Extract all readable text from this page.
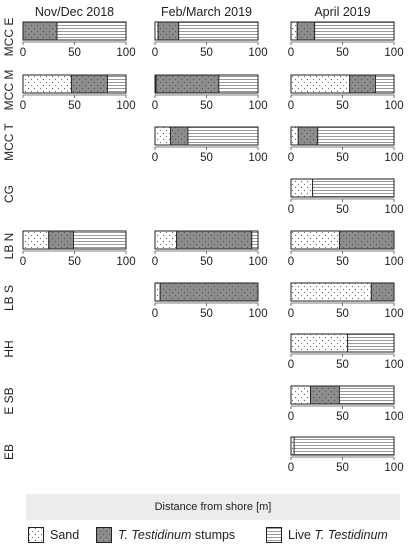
Nov/Dec 2018	Feb/March 2019	April 2019
MCC E
MCC M
MCC T
CG
LB N
LB S
HH
E SB
EB
0	50	100 0	50	100 0	50	100
0	50	100 0	50	100 0	50	100
0	50	100 0	50	100
0	50	100
0	50	100 0	50	100 0	50	100
0	50	100 0	50	100
0	50	100
0	50	100
0	50	100
Distance from shore [m]
Sand	T. Testidinum stumps	Live T. Testidinum
